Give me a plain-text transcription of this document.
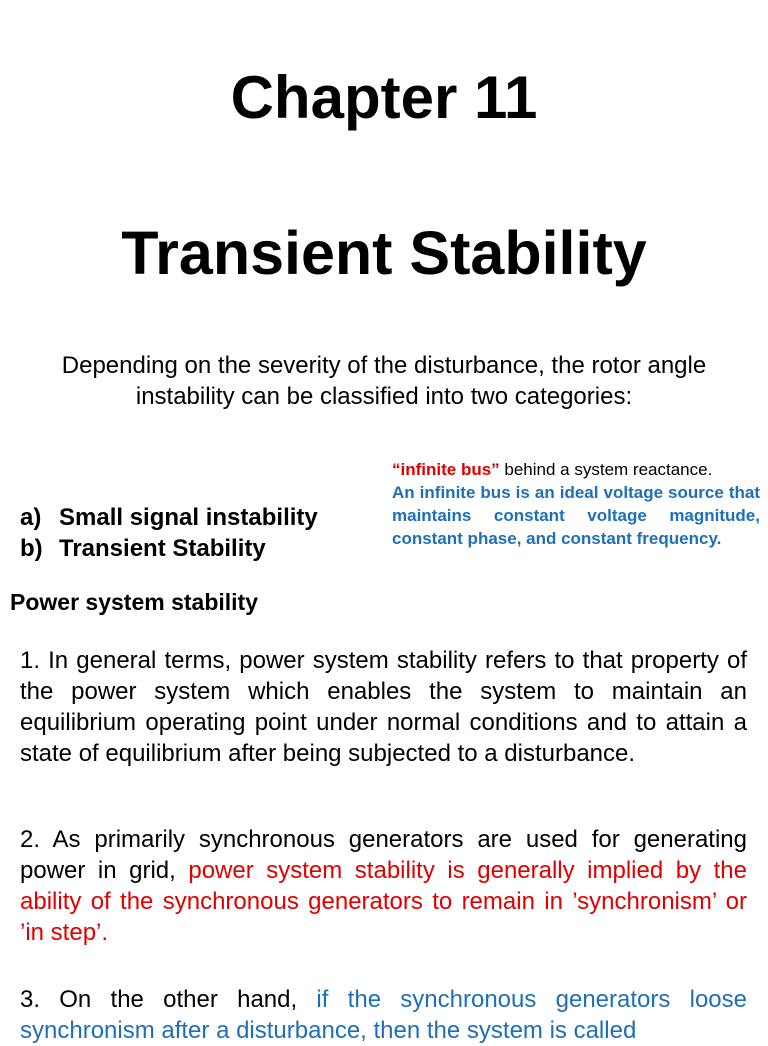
Chapter 11
Transient Stability
Depending on the severity of the disturbance, the rotor angle instability can be classified into two categories:
a) Small signal instability
b) Transient Stability
“infinite bus” behind a system reactance.
An infinite bus is an ideal voltage source that maintains constant voltage magnitude, constant phase, and constant frequency.
Power system stability

1. In general terms, power system stability refers to that property of the power system which enables the system to maintain an equilibrium operating point under normal conditions and to attain a state of equilibrium after being subjected to a disturbance.

2. As primarily synchronous generators are used for generating power in grid, power system stability is generally implied by the ability of the synchronous generators to remain in ’synchronism’ or ’in step’.

3. On the other hand, if the synchronous generators loose synchronism after a disturbance, then the system is called
